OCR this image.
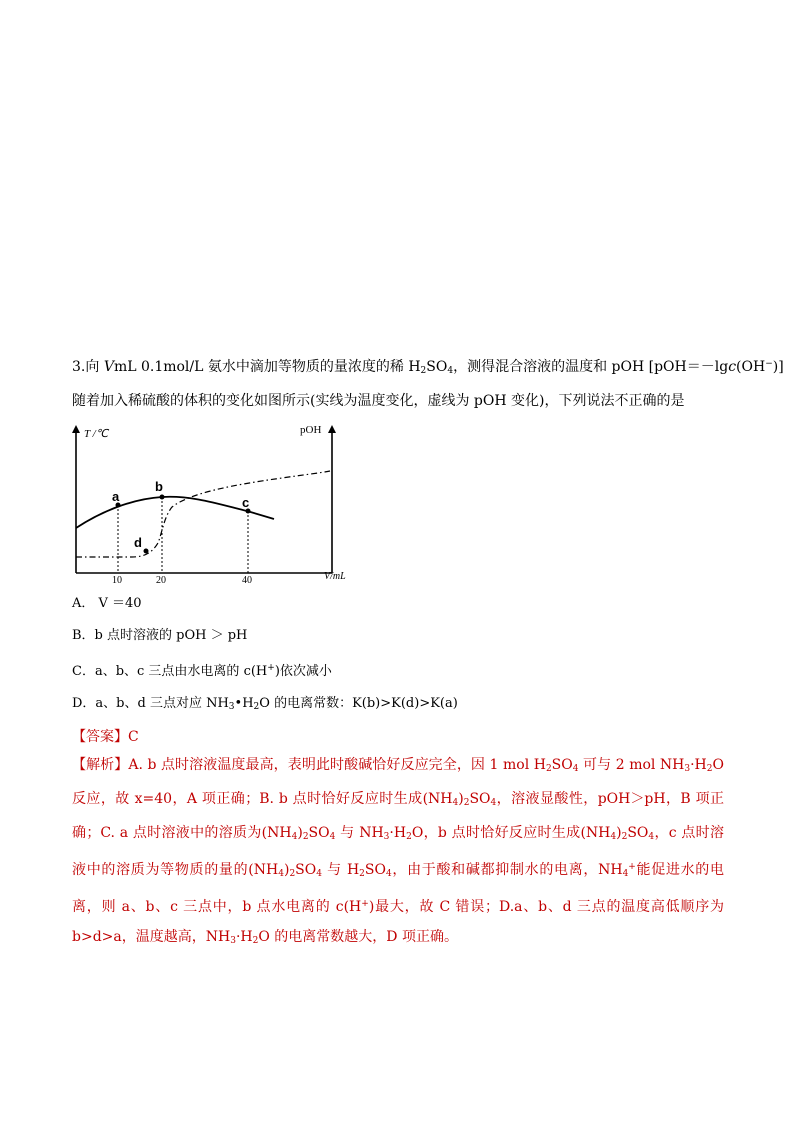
3.向 VmL 0.1mol/L 氨水中滴加等物质的量浓度的稀 $H_2SO_4$，测得混合溶液的温度和 pOH [pOH＝－lgc(OH−)]

随着加入稀硫酸的体积的变化如图所示(实线为温度变化，虚线为 pOH 变化)，下列说法不正确的是

T /℃	pOH
V/mL
a
b
c
d
10	20	40

A． V ＝40

B．b 点时溶液的 pOH ＞ pH

C．a、b、c 三点由水电离的 c(H+)依次减小

D．a、b、d 三点对应 $NH_3•H_2O$ 的电离常数：K(b)>K(d)>K(a)

【答案】C

【解析】A. b 点时溶液温度最高，表明此时酸碱恰好反应完全，因 1 mol $H_2SO_4$ 可与 2 mol $NH_3\cdot H_2O$ 反应，故 x=40，A 项正确；B. b 点时恰好反应时生成$(NH_4)_2SO_4$，溶液显酸性，pOH＞pH，B 项正确；C. a 点时溶液中的溶质为$(NH_4)_2SO_4$ 与 $NH_3\cdot H_2O$，b 点时恰好反应时生成$(NH_4)_2SO_4$，c 点时溶液中的溶质为等物质的量的$(NH_4)_2SO_4$ 与 $H_2SO_4$，由于酸和碱都抑制水的电离，$NH_4^+$能促进水的电离，则 a、b、c 三点中，b 点水电离的 c(H+)最大，故 C 错误；D.a、b、d 三点的温度高低顺序为 b>d>a，温度越高，$NH_3\cdot H_2O$ 的电离常数越大，D 项正确。
